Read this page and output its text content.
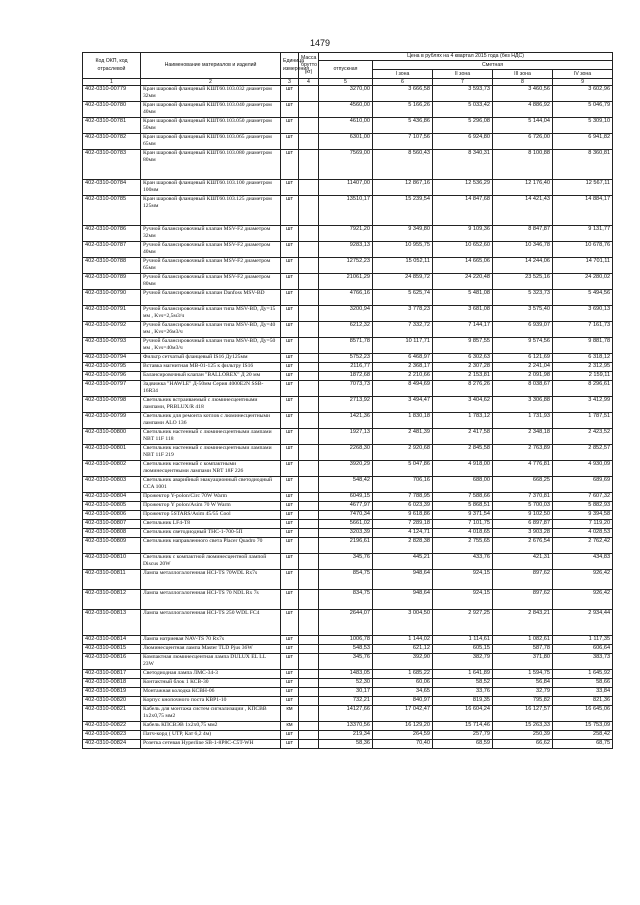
1479
Код ОКП, код отраслевой	Наименование материалов и изделий	Единица измерения	Масса брутто (кг)	Цена в рублях на 4 квартал 2015 года (без НДС)				
				отпускная	Сметная			
					I зона	II зона	III зона	IV зона
1	2	3	4	5	6	7	8	9
402-0310-00779	Кран шаровой фланцевый КШТ60.103.032 диаметром 32мм	шт		3270,00	3 666,58	3 593,73	3 460,56	3 602,96
402-0310-00780	Кран шаровой фланцевый КШТ60.103.040 диаметром 40мм	шт		4560,00	5 166,26	5 033,42	4 886,92	5 046,79
402-0310-00781	Кран шаровой фланцевый КШТ60.103.050 диаметром 50мм	шт		4610,00	5 436,86	5 296,08	5 144,04	5 309,10
402-0310-00782	Кран шаровой фланцевый КШТ60.103.065 диаметром 65мм	шт		6301,00	7 107,56	6 924,80	6 726,00	6 941,82
402-0310-00783	Кран шаровой фланцевый КШТ60.103.080 диаметром 80мм	шт		7569,00	8 560,43	8 340,31	8 100,88	8 360,81
402-0310-00784	Кран шаровой фланцевый КШТ60.103.100 диаметром 100мм	шт		11407,00	12 867,16	12 536,29	12 176,40	12 567,11
402-0310-00785	Кран шаровой фланцевый КШТ60.103.125 диаметром 125мм	шт		13510,17	15 239,54	14 847,68	14 421,43	14 884,17
402-0310-00786	Ручной балансировочный клапан MSV-F2 диаметром 32мм	шт		7921,20	9 349,80	9 109,36	8 847,87	9 131,77
402-0310-00787	Ручной балансировочный клапан MSV-F2 диаметром 40мм	шт		9283,13	10 955,75	10 652,60	10 346,78	10 678,76
402-0310-00788	Ручной балансировочный клапан MSV-F2 диаметром 65мм	шт		12752,23	15 052,11	14 665,06	14 244,06	14 701,11
402-0310-00789	Ручной балансировочный клапан MSV-F2 диаметром 80мм	шт		21061,29	24 859,72	24 220,48	23 525,16	24 280,02
402-0310-00790	Ручной балансировочный клапан Danfoss MSV-BD	шт		4766,16	5 625,74	5 481,08	5 323,73	5 494,56
402-0310-00791	Ручной балансировочный клапан типа MSV-BD, Ду=15 мм , Kvs=2,5м3/ч	шт		3200,94	3 778,23	3 681,08	3 575,40	3 690,13
402-0310-00792	Ручной балансировочный клапан типа MSV-BD, Ду=40 мм , Kvs=26м3/ч	шт		6212,32	7 332,72	7 144,17	6 939,07	7 161,73
402-0310-00793	Ручной балансировочный клапан типа MSV-BD, Ду=50 мм , Kvs=40м3/ч	шт		8571,78	10 117,71	9 857,55	9 574,56	9 881,78
402-0310-00794	Фильтр сетчатый фланцевый IS16 Ду125мм	шт		5752,23	6 468,97	6 302,63	6 121,69	6 318,12
402-0310-00795	Вставка магнитная MB-01-125 к фильтру IS16	шт		2116,77	2 368,17	2 307,28	2 241,04	2 312,95
402-0310-00796	Балансировочный клапан "BALLOREX" Д 20 мм	шт		1872,68	2 210,66	2 153,81	2 091,98	2 159,11
402-0310-00797	Задвижка "HAWLE" Д-50мм Серия 4000E2N SSB-16R34	шт		7073,73	8 494,69	8 276,26	8 038,67	8 296,61
402-0310-00798	Светильник встраиваемый с люминесцентными лампами, PRBLUX/R 418	шт		2713,92	3 494,47	3 404,62	3 306,88	3 412,99
402-0310-00799	Светильник для ремонта котлов с люминесцентными лампами ALO 136	шт		1421,36	1 830,18	1 783,12	1 731,93	1 787,51
402-0310-00800	Светильник настенный с люминесцентными лампами NBT 11F 118	шт		1927,13	2 481,39	2 417,58	2 348,18	2 423,52
402-0310-00801	Светильник настенный с люминесцентными лампами NBT 11F 219	шт		2268,30	2 920,68	2 845,58	2 763,89	2 852,57
402-0310-00802	Светильник настенный с компактными люминесцентными лампами NBT 18F 226	шт		3920,29	5 047,86	4 918,00	4 776,81	4 930,09
402-0310-00803	Светильник аварийный эвакуационный светодиодный CCA 1001	шт		548,42	706,16	688,00	668,25	689,69
402-0310-00804	Прожектор Y-polon/Circ 70W Warm	шт		6049,15	7 788,95	7 588,66	7 370,81	7 607,32
402-0310-00805	Прожектор Y polon/Asim 70 W Warm	шт		4677,97	6 023,39	5 868,51	5 700,03	5 882,93
402-0310-00806	Прожектор 5STARS/Asim 45/55 Cool	шт		7470,34	9 618,86	9 371,54	9 102,50	9 394,58
402-0310-00807	Светильник LF4-T8	шт		5661,02	7 289,18	7 101,75	6 897,87	7 119,20
402-0310-00808	Светильник светодиодный ТНС-1-700-5П	шт		3203,39	4 124,71	4 018,65	3 903,28	4 028,53
402-0310-00809	Светильник направленного света Placer Quadro 70	шт		2196,61	2 828,38	2 755,65	2 676,54	2 762,42
402-0310-00810	Светильник с компактной люминесцентной лампой Discus 20W	шт		345,76	445,21	433,76	421,31	434,83
402-0310-00811	Лампа металлогалогенная HCI-TS 70WDL Rx7s	шт		854,75	948,64	924,15	897,62	926,42
402-0310-00812	Лампа металлогалогенная HCI-TS 70 NDL Rx 7s	шт		834,75	948,64	924,15	897,62	926,42
402-0310-00813	Лампа металлогалогенная HCI-TS 250 WDL FC4	шт		2644,07	3 004,50	2 927,25	2 843,21	2 934,44
402-0310-00814	Лампа натриевая NAV-TS 70 Rx7s	шт		1006,78	1 144,02	1 114,61	1 082,61	1 117,35
402-0310-00815	Люминесцентная лампа Master TLD Pjus 36W	шт		548,53	621,12	605,15	587,78	606,64
402-0310-00816	Компактная люминесцентная лампа DULUX EL LL 23W	шт		345,76	392,90	382,79	371,80	383,73
402-0310-00817	Светодиодная лампа ЛМС-34-3	шт		1483,05	1 685,22	1 641,89	1 594,75	1 645,92
402-0310-00818	Контактный блок 1 КСВ-30	шт		52,30	60,06	58,52	56,84	58,66
402-0310-00819	Монтажная колодка КСВН-06	шт		30,17	34,65	33,76	32,79	33,84
402-0310-00820	Корпус кнопочного поста КВР1-10	шт		732,21	840,97	819,35	795,82	821,36
402-0310-00821	Кабель для монтажа систем сигнализации , КПСВВ 1х2х0,75 мм2	км		14127,66	17 042,47	16 604,24	16 127,57	16 645,06
402-0310-00822	Кабель КПСВЭВ 1х2х0,75 мм2	км		13370,56	16 129,20	15 714,46	15 263,33	15 753,09
402-0310-00823	Патч-корд ( UTP, Кат 6,2 4м)	шт		219,34	264,59	257,79	250,39	258,42
402-0310-00824	Розетка сетевая Hyperline SB-1-8P8C-C5T-WH	шт		58,36	70,40	68,59	66,62	68,75
